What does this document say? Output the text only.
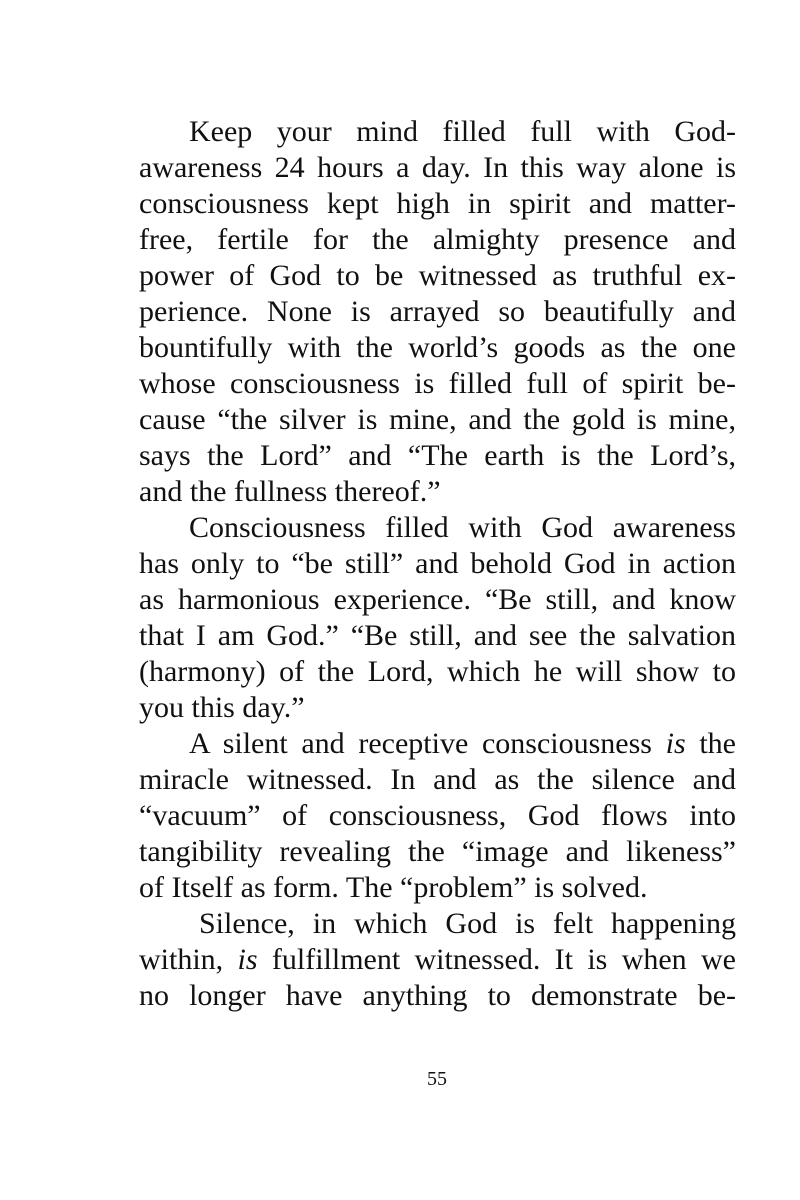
Keep your mind filled full with God-
awareness 24 hours a day. In this way alone is
consciousness kept high in spirit and matter-
free, fertile for the almighty presence and
power of God to be witnessed as truthful ex-
perience. None is arrayed so beautifully and
bountifully with the world’s goods as the one
whose consciousness is filled full of spirit be-
cause “the silver is mine, and the gold is mine,
says the Lord” and “The earth is the Lord’s,
and the fullness thereof.”
Consciousness filled with God awareness
has only to “be still” and behold God in action
as harmonious experience. “Be still, and know
that I am God.” “Be still, and see the salvation
(harmony) of the Lord, which he will show to
you this day.”
A silent and receptive consciousness is the
miracle witnessed. In and as the silence and
“vacuum” of consciousness, God flows into
tangibility revealing the “image and likeness”
of Itself as form. The “problem” is solved.
Silence, in which God is felt happening
within, is fulfillment witnessed. It is when we
no longer have anything to demonstrate be-
55
